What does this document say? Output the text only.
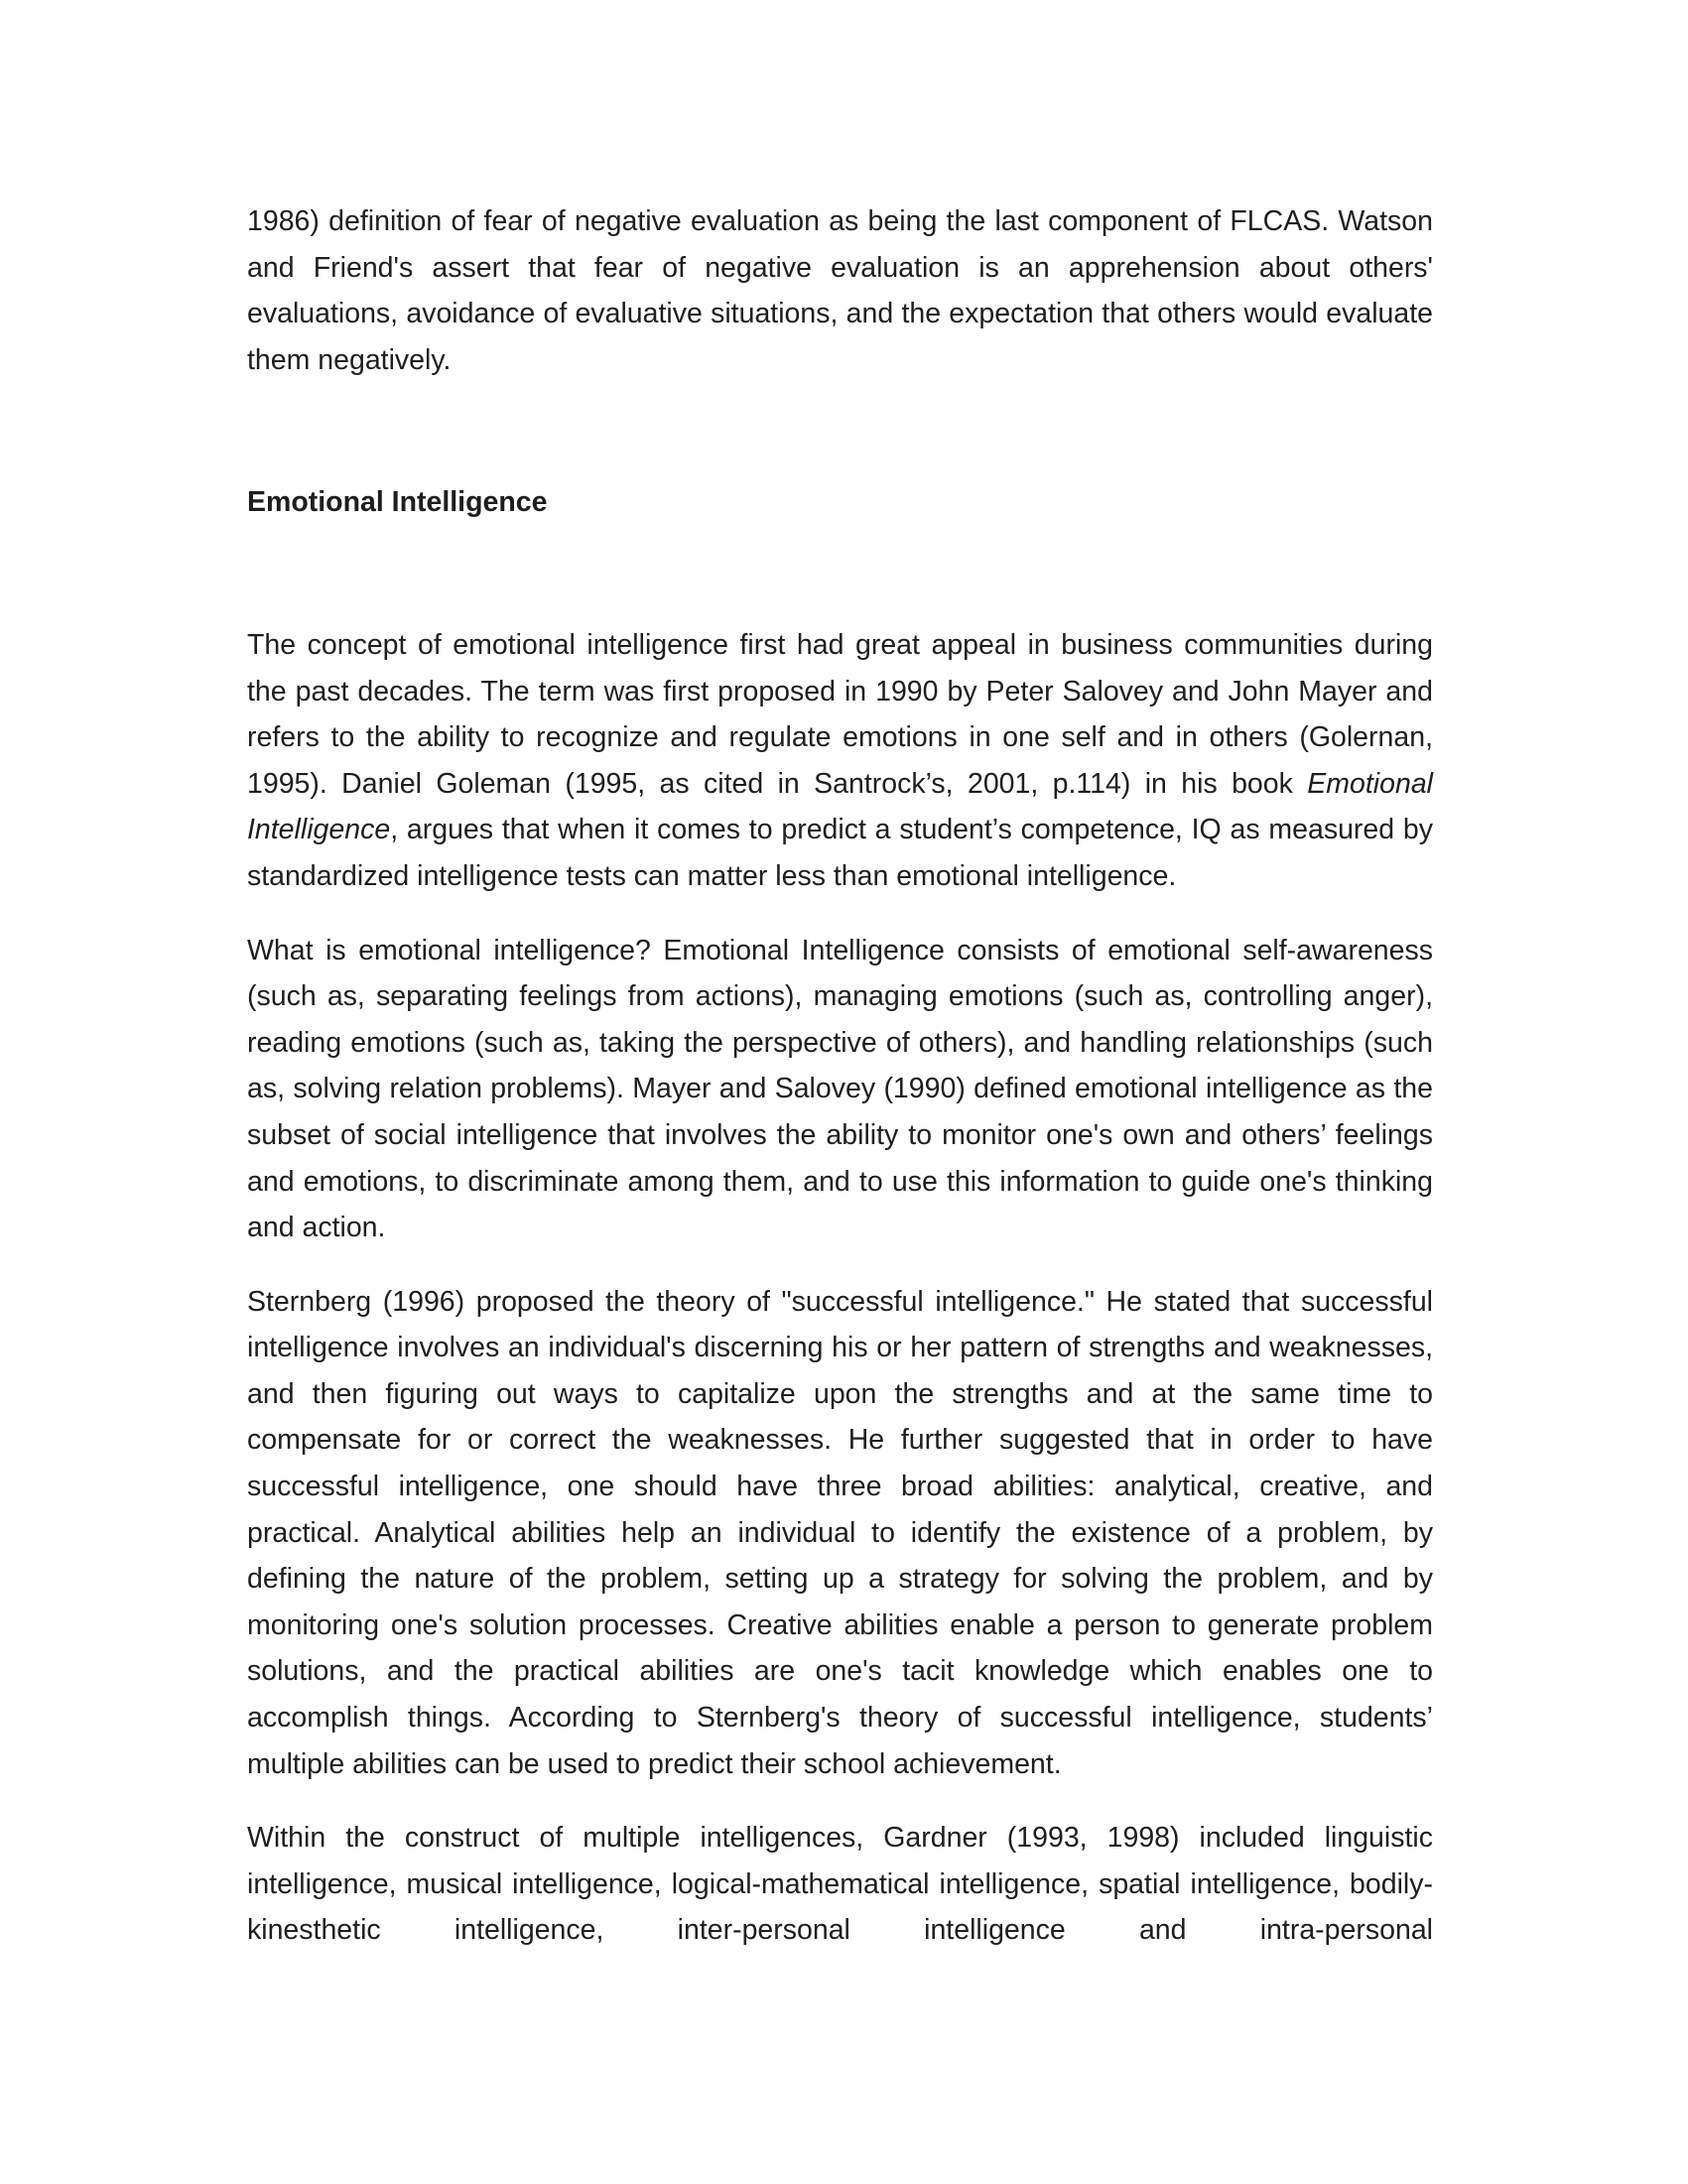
1986) definition of fear of negative evaluation as being the last component of FLCAS. Watson and Friend's assert that fear of negative evaluation is an apprehension about others' evaluations, avoidance of evaluative situations, and the expectation that others would evaluate them negatively.

Emotional Intelligence

The concept of emotional intelligence first had great appeal in business communities during the past decades. The term was first proposed in 1990 by Peter Salovey and John Mayer and refers to the ability to recognize and regulate emotions in one self and in others (Golernan, 1995). Daniel Goleman (1995, as cited in Santrock’s, 2001, p.114) in his book Emotional Intelligence, argues that when it comes to predict a student’s competence, IQ as measured by standardized intelligence tests can matter less than emotional intelligence.

What is emotional intelligence? Emotional Intelligence consists of emotional self-awareness (such as, separating feelings from actions), managing emotions (such as, controlling anger), reading emotions (such as, taking the perspective of others), and handling relationships (such as, solving relation problems). Mayer and Salovey (1990) defined emotional intelligence as the subset of social intelligence that involves the ability to monitor one's own and others’ feelings and emotions, to discriminate among them, and to use this information to guide one's thinking and action.

Sternberg (1996) proposed the theory of "successful intelligence." He stated that successful intelligence involves an individual's discerning his or her pattern of strengths and weaknesses, and then figuring out ways to capitalize upon the strengths and at the same time to compensate for or correct the weaknesses. He further suggested that in order to have successful intelligence, one should have three broad abilities: analytical, creative, and practical. Analytical abilities help an individual to identify the existence of a problem, by defining the nature of the problem, setting up a strategy for solving the problem, and by monitoring one's solution processes. Creative abilities enable a person to generate problem solutions, and the practical abilities are one's tacit knowledge which enables one to accomplish things. According to Sternberg's theory of successful intelligence, students’ multiple abilities can be used to predict their school achievement.

Within the construct of multiple intelligences, Gardner (1993, 1998) included linguistic intelligence, musical intelligence, logical-mathematical intelligence, spatial intelligence, bodily-kinesthetic intelligence, inter-personal intelligence and intra-personal
